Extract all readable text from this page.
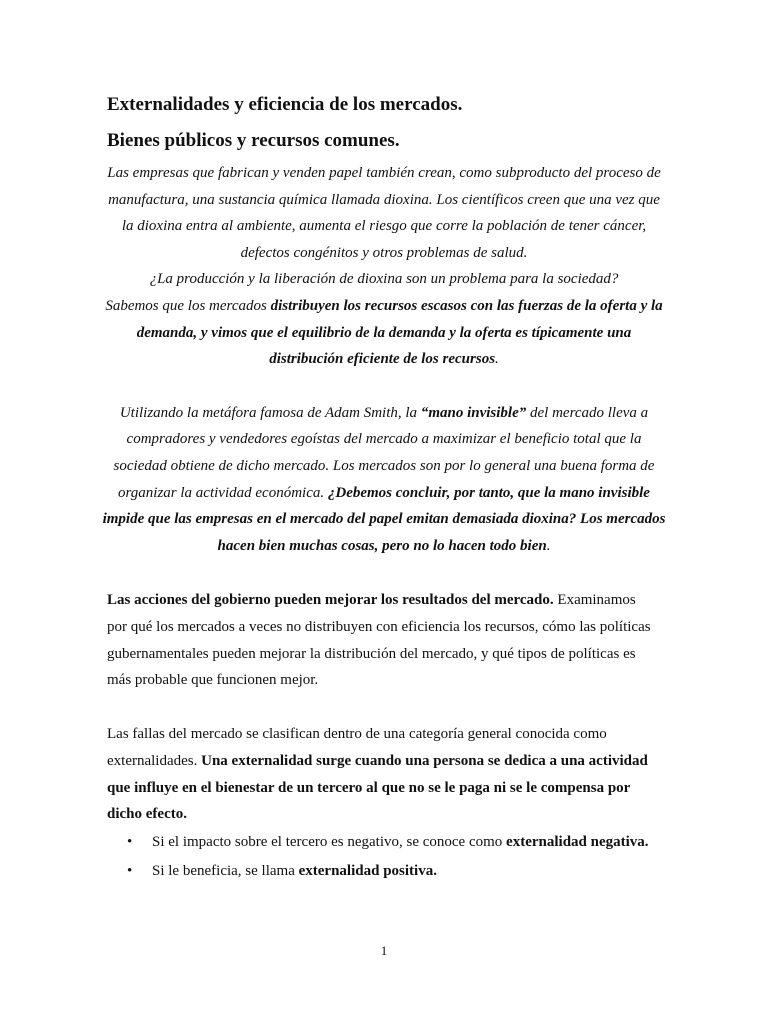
Externalidades y eficiencia de los mercados.
Bienes públicos y recursos comunes.

Las empresas que fabrican y venden papel también crean, como subproducto del proceso de manufactura, una sustancia química llamada dioxina. Los científicos creen que una vez que la dioxina entra al ambiente, aumenta el riesgo que corre la población de tener cáncer, defectos congénitos y otros problemas de salud.

¿La producción y la liberación de dioxina son un problema para la sociedad?

Sabemos que los mercados distribuyen los recursos escasos con las fuerzas de la oferta y la demanda, y vimos que el equilibrio de la demanda y la oferta es típicamente una distribución eficiente de los recursos.

Utilizando la metáfora famosa de Adam Smith, la “mano invisible” del mercado lleva a compradores y vendedores egoístas del mercado a maximizar el beneficio total que la sociedad obtiene de dicho mercado. Los mercados son por lo general una buena forma de organizar la actividad económica. ¿Debemos concluir, por tanto, que la mano invisible impide que las empresas en el mercado del papel emitan demasiada dioxina? Los mercados hacen bien muchas cosas, pero no lo hacen todo bien.

Las acciones del gobierno pueden mejorar los resultados del mercado. Examinamos por qué los mercados a veces no distribuyen con eficiencia los recursos, cómo las políticas gubernamentales pueden mejorar la distribución del mercado, y qué tipos de políticas es más probable que funcionen mejor.

Las fallas del mercado se clasifican dentro de una categoría general conocida como externalidades. Una externalidad surge cuando una persona se dedica a una actividad que influye en el bienestar de un tercero al que no se le paga ni se le compensa por dicho efecto.

• Si el impacto sobre el tercero es negativo, se conoce como externalidad negativa.
• Si le beneficia, se llama externalidad positiva.
1
